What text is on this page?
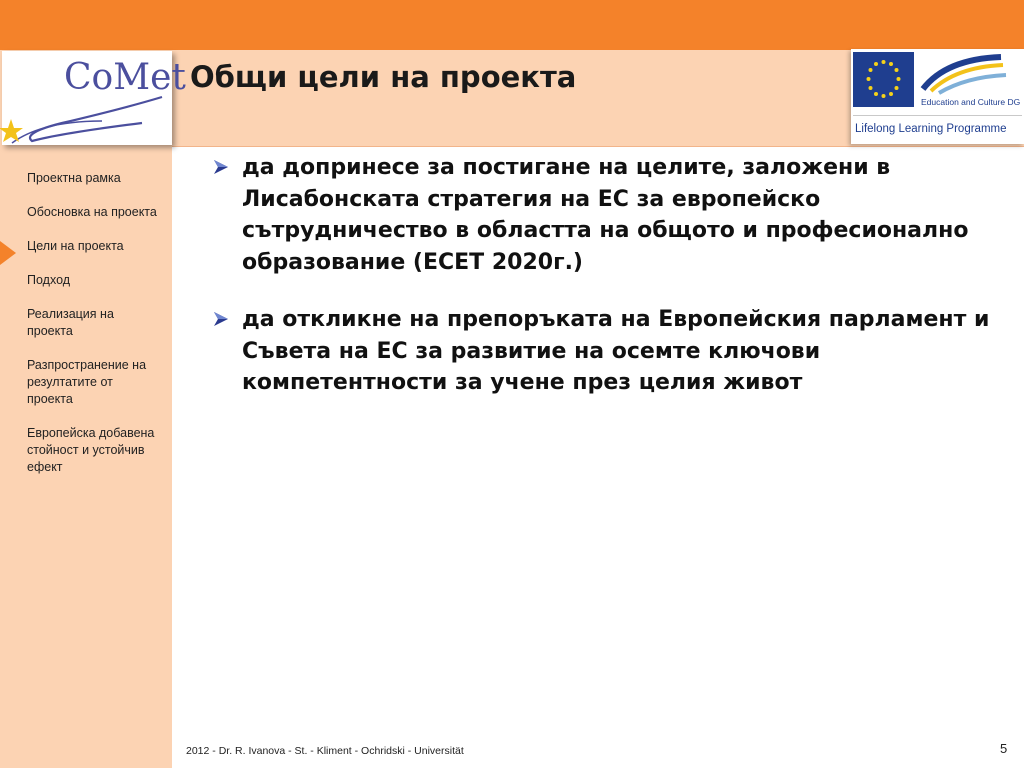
CoMet
Education and Culture DG
Lifelong Learning Programme
Общи цели на проекта
Проектна рамка
Обосновка на проекта
Цели на проекта
Подход
Реализация на проекта
Разпространение на резултатите от проекта
Европейска добавена стойност и устойчив ефект
да допринесе за постигане на целите, заложени в Лисабонската стратегия на ЕС за европейско сътрудничество в областта на общото и професионално образование (ЕСЕТ 2020г.)
да откликне на препоръката на Европейския парламент и Съвета на ЕС за развитие на осемте ключови компетентности за учене през целия живот
2012 - Dr. R. Ivanova - St. - Kliment - Ochridski - Universität	5
